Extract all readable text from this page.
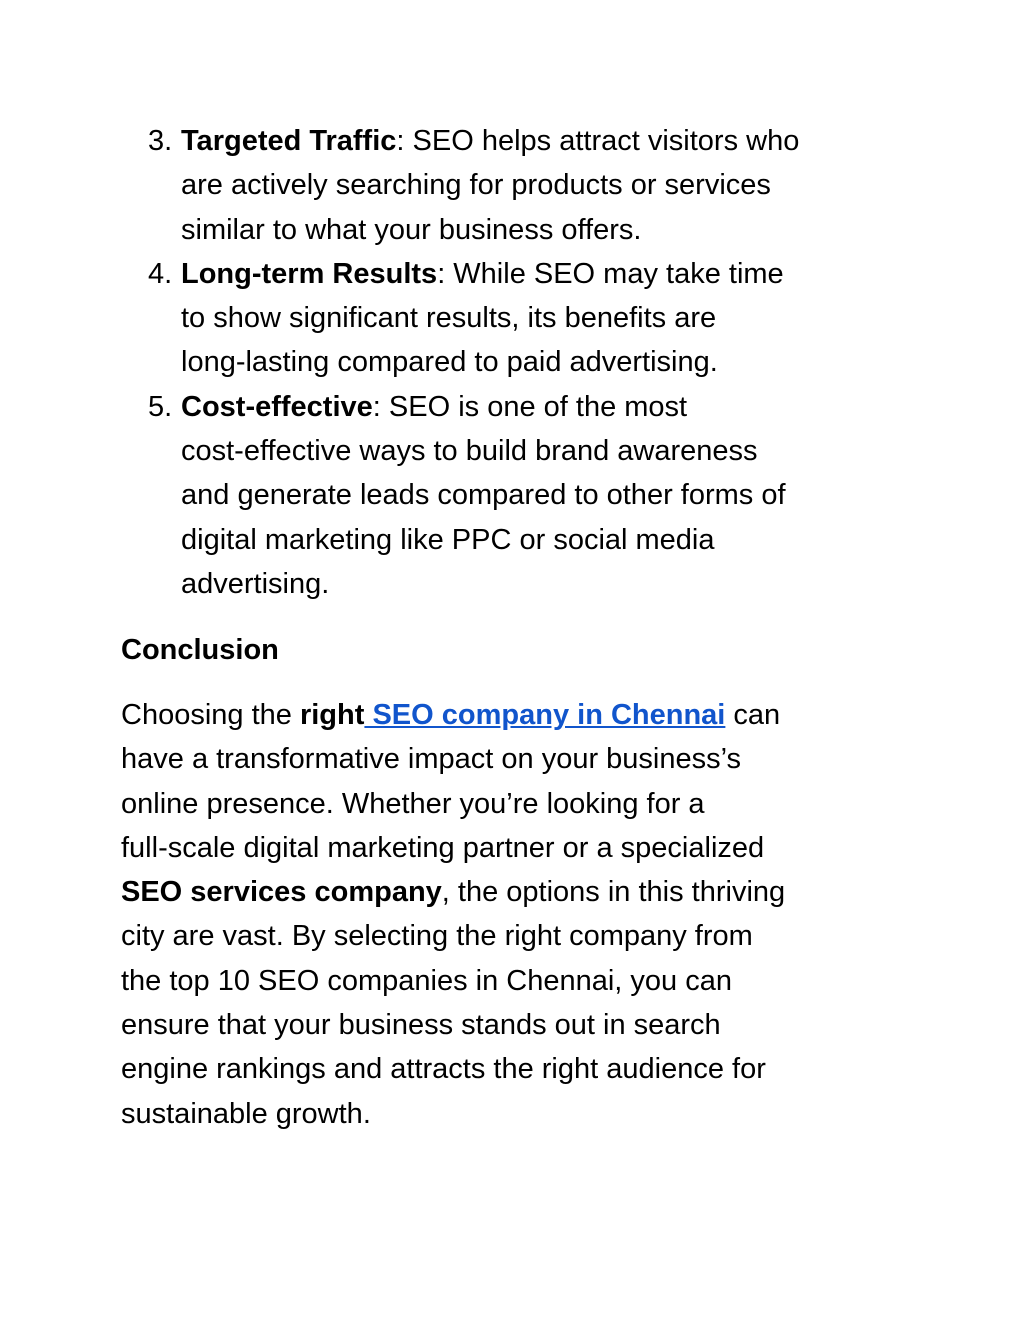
3. Targeted Traffic: SEO helps attract visitors who
are actively searching for products or services
similar to what your business offers.
4. Long-term Results: While SEO may take time
to show significant results, its benefits are
long-lasting compared to paid advertising.
5. Cost-effective: SEO is one of the most
cost-effective ways to build brand awareness
and generate leads compared to other forms of
digital marketing like PPC or social media
advertising.
Conclusion

Choosing the right SEO company in Chennai can
have a transformative impact on your business’s
online presence. Whether you’re looking for a
full-scale digital marketing partner or a specialized
SEO services company, the options in this thriving
city are vast. By selecting the right company from
the top 10 SEO companies in Chennai, you can
ensure that your business stands out in search
engine rankings and attracts the right audience for
sustainable growth.
